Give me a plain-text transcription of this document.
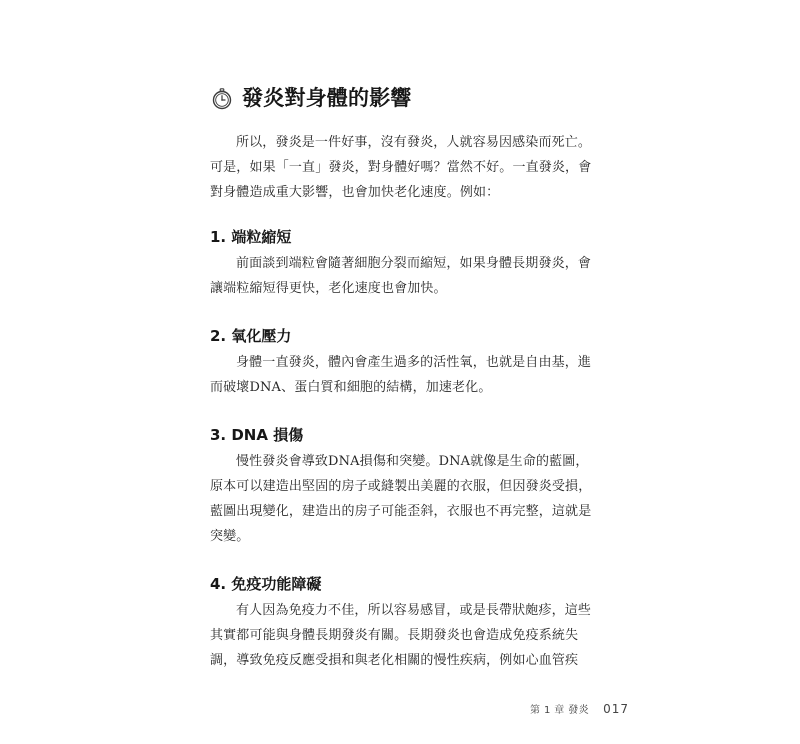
發炎對身體的影響

所以，發炎是一件好事，沒有發炎，人就容易因感染而死亡。可是，如果「一直」發炎，對身體好嗎？當然不好。一直發炎，會對身體造成重大影響，也會加快老化速度。例如：

1. 端粒縮短

前面談到端粒會隨著細胞分裂而縮短，如果身體長期發炎，會讓端粒縮短得更快，老化速度也會加快。

2. 氧化壓力

身體一直發炎，體內會產生過多的活性氧，也就是自由基，進而破壞DNA、蛋白質和細胞的結構，加速老化。

3. DNA 損傷

慢性發炎會導致DNA損傷和突變。DNA就像是生命的藍圖，原本可以建造出堅固的房子或縫製出美麗的衣服，但因發炎受損，藍圖出現變化，建造出的房子可能歪斜，衣服也不再完整，這就是突變。

4. 免疫功能障礙

有人因為免疫力不佳，所以容易感冒，或是長帶狀皰疹，這些其實都可能與身體長期發炎有關。長期發炎也會造成免疫系統失調，導致免疫反應受損和與老化相關的慢性疾病，例如心血管疾

第 1 章 發炎 017
